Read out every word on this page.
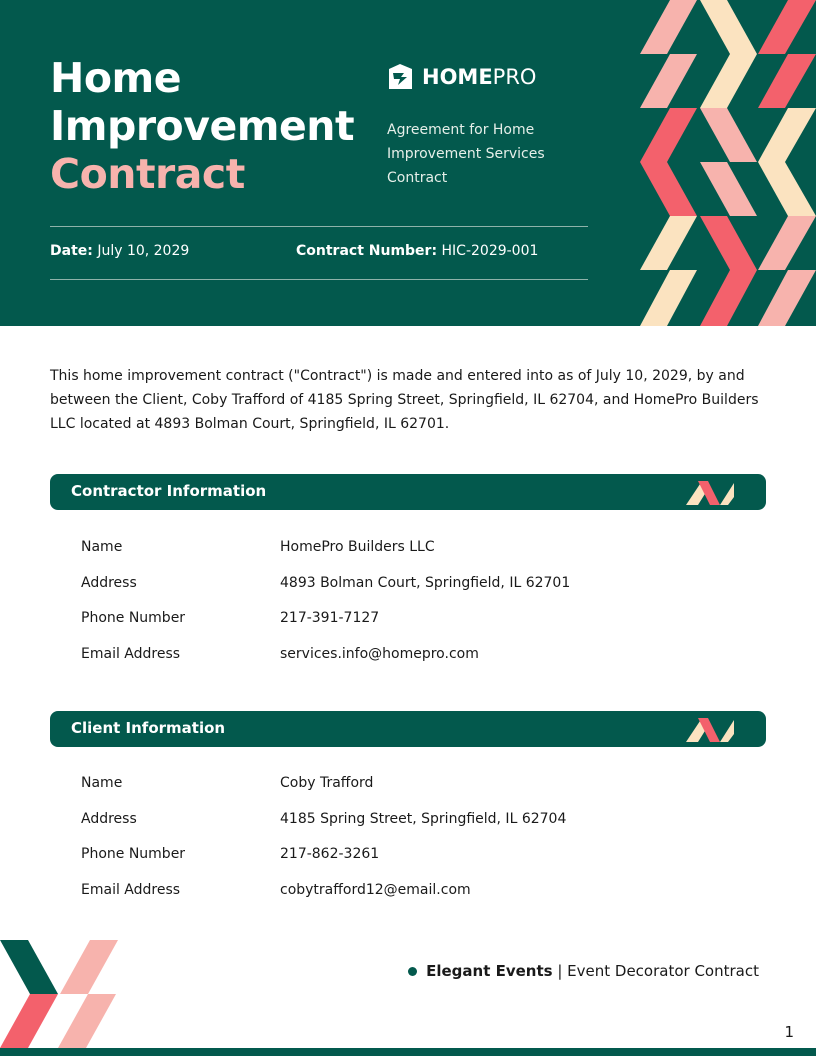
Home
Improvement
Contract
HOMEPRO
Agreement for Home Improvement Services Contract
Date: July 10, 2029	Contract Number: HIC-2029-001

This home improvement contract ("Contract") is made and entered into as of July 10, 2029, by and between the Client, Coby Trafford of 4185 Spring Street, Springfield, IL 62704, and HomePro Builders LLC located at 4893 Bolman Court, Springfield, IL 62701.

Contractor Information
Name	HomePro Builders LLC
Address	4893 Bolman Court, Springfield, IL 62701
Phone Number	217-391-7127
Email Address	services.info@homepro.com
Client Information
Name	Coby Trafford
Address	4185 Spring Street, Springfield, IL 62704
Phone Number	217-862-3261
Email Address	cobytrafford12@email.com
Elegant Events | Event Decorator Contract
1
